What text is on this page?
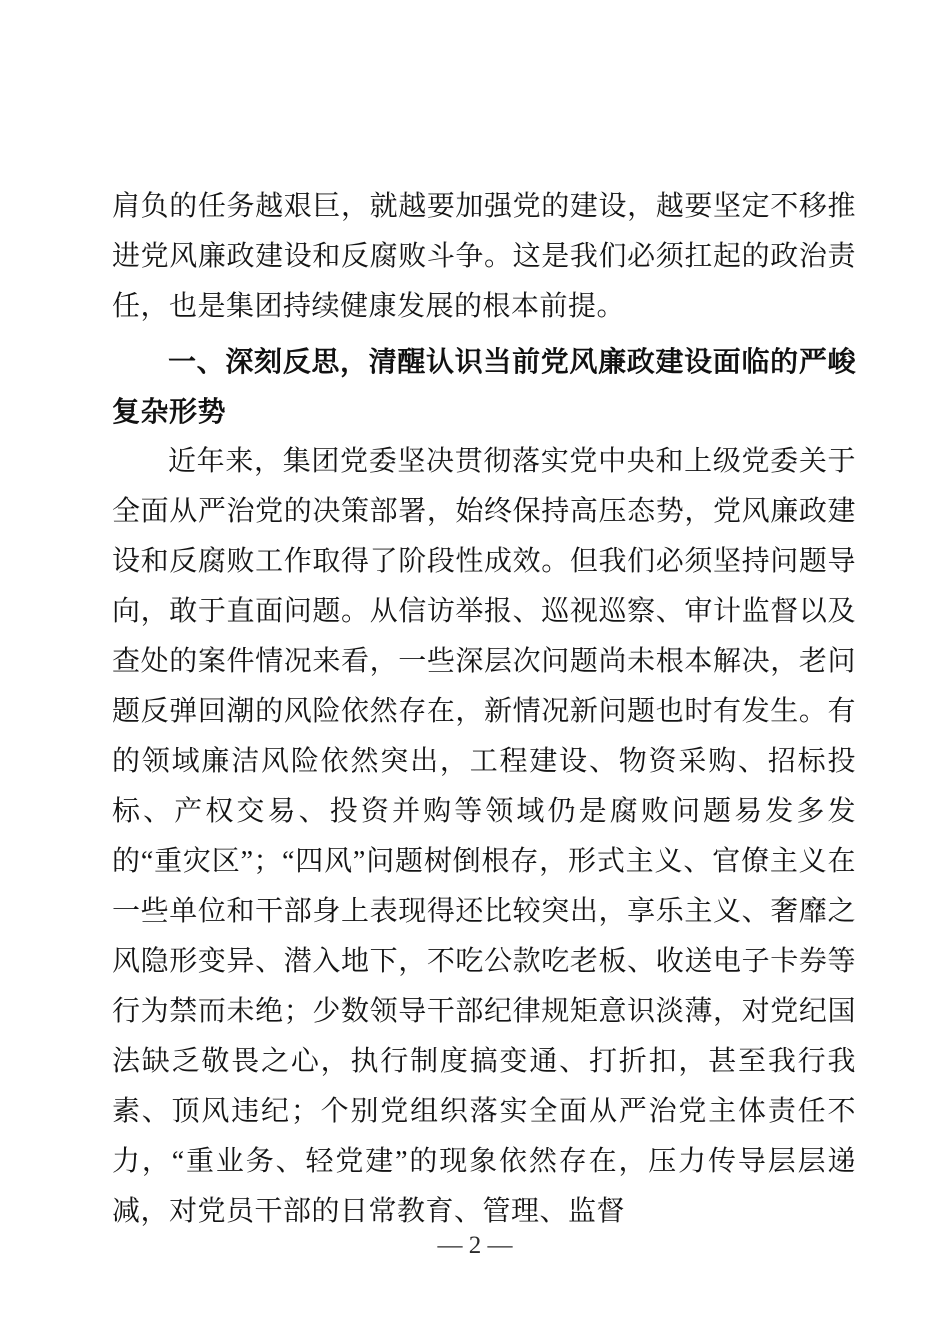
肩负的任务越艰巨，就越要加强党的建设，越要坚定不移推进党风廉政建设和反腐败斗争。这是我们必须扛起的政治责任，也是集团持续健康发展的根本前提。

一、深刻反思，清醒认识当前党风廉政建设面临的严峻复杂形势

近年来，集团党委坚决贯彻落实党中央和上级党委关于全面从严治党的决策部署，始终保持高压态势，党风廉政建设和反腐败工作取得了阶段性成效。但我们必须坚持问题导向，敢于直面问题。从信访举报、巡视巡察、审计监督以及查处的案件情况来看，一些深层次问题尚未根本解决，老问题反弹回潮的风险依然存在，新情况新问题也时有发生。有的领域廉洁风险依然突出，工程建设、物资采购、招标投标、产权交易、投资并购等领域仍是腐败问题易发多发的“重灾区”；“四风”问题树倒根存，形式主义、官僚主义在一些单位和干部身上表现得还比较突出，享乐主义、奢靡之风隐形变异、潜入地下，不吃公款吃老板、收送电子卡券等行为禁而未绝；少数领导干部纪律规矩意识淡薄，对党纪国法缺乏敬畏之心，执行制度搞变通、打折扣，甚至我行我素、顶风违纪；个别党组织落实全面从严治党主体责任不力，“重业务、轻党建”的现象依然存在，压力传导层层递减，对党员干部的日常教育、管理、监督

— 2 —
